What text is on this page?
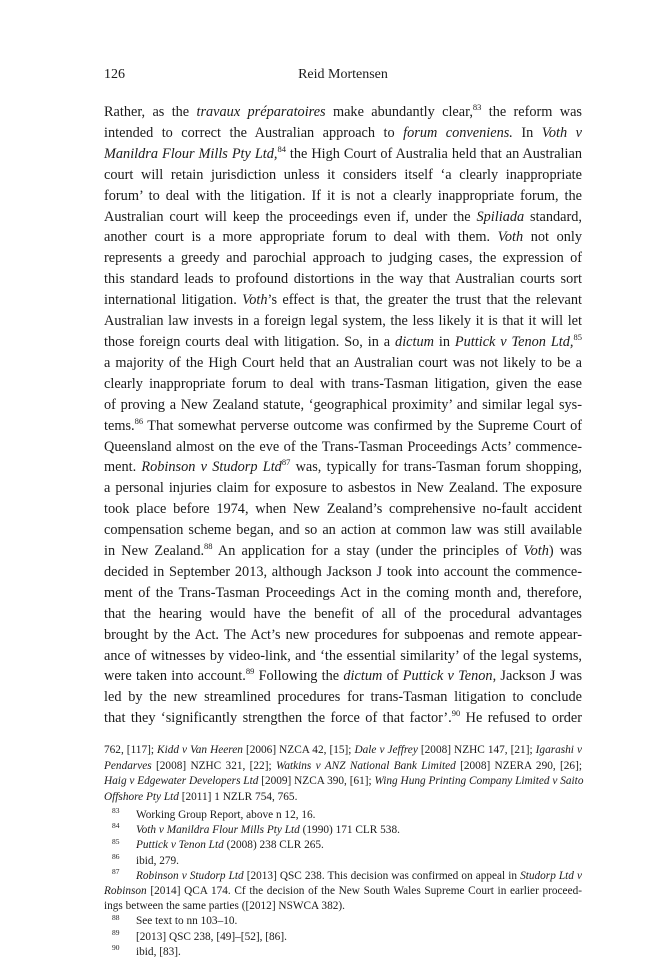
126	Reid Mortensen
Rather, as the travaux préparatoires make abundantly clear,$^{83}$ the reform was
intended to correct the Australian approach to forum conveniens. In Voth v
Manildra Flour Mills Pty Ltd,$^{84}$ the High Court of Australia held that an Australian
court will retain jurisdiction unless it considers itself ‘a clearly inappropriate
forum’ to deal with the litigation. If it is not a clearly inappropriate forum, the
Australian court will keep the proceedings even if, under the Spiliada standard,
another court is a more appropriate forum to deal with them. Voth not only
represents a greedy and parochial approach to judging cases, the expression of
this standard leads to profound distortions in the way that Australian courts sort
international litigation. Voth’s effect is that, the greater the trust that the relevant
Australian law invests in a foreign legal system, the less likely it is that it will let
those foreign courts deal with litigation. So, in a dictum in Puttick v Tenon Ltd,$^{85}$
a majority of the High Court held that an Australian court was not likely to be a
clearly inappropriate forum to deal with trans-Tasman litigation, given the ease
of proving a New Zealand statute, ‘geographical proximity’ and similar legal sys-
tems.$^{86}$ That somewhat perverse outcome was confirmed by the Supreme Court of
Queensland almost on the eve of the Trans-Tasman Proceedings Acts’ commence-
ment. Robinson v Studorp Ltd$^{87}$ was, typically for trans-Tasman forum shopping,
a personal injuries claim for exposure to asbestos in New Zealand. The exposure
took place before 1974, when New Zealand’s comprehensive no-fault accident
compensation scheme began, and so an action at common law was still available
in New Zealand.$^{88}$ An application for a stay (under the principles of Voth) was
decided in September 2013, although Jackson J took into account the commence-
ment of the Trans-Tasman Proceedings Act in the coming month and, therefore,
that the hearing would have the benefit of all of the procedural advantages
brought by the Act. The Act’s new procedures for subpoenas and remote appear-
ance of witnesses by video-link, and ‘the essential similarity’ of the legal systems,
were taken into account.$^{89}$ Following the dictum of Puttick v Tenon, Jackson J was
led by the new streamlined procedures for trans-Tasman litigation to conclude
that they ‘significantly strengthen the force of that factor’.$^{90}$ He refused to order
762, [117]; Kidd v Van Heeren [2006] NZCA 42, [15]; Dale v Jeffrey [2008] NZHC 147, [21]; Igarashi v
Pendarves [2008] NZHC 321, [22]; Watkins v ANZ National Bank Limited [2008] NZERA 290, [26];
Haig v Edgewater Developers Ltd [2009] NZCA 390, [61]; Wing Hung Printing Company Limited v Saito
Offshore Pty Ltd [2011] 1 NZLR 754, 765.
83 Working Group Report, above n 12, 16.
84 Voth v Manildra Flour Mills Pty Ltd (1990) 171 CLR 538.
85 Puttick v Tenon Ltd (2008) 238 CLR 265.
86 ibid, 279.
87 Robinson v Studorp Ltd [2013] QSC 238. This decision was confirmed on appeal in Studorp Ltd v
Robinson [2014] QCA 174. Cf the decision of the New South Wales Supreme Court in earlier proceed-
ings between the same parties ([2012] NSWCA 382).
88 See text to nn 103–10.
89 [2013] QSC 238, [49]–[52], [86].
90 ibid, [83].
